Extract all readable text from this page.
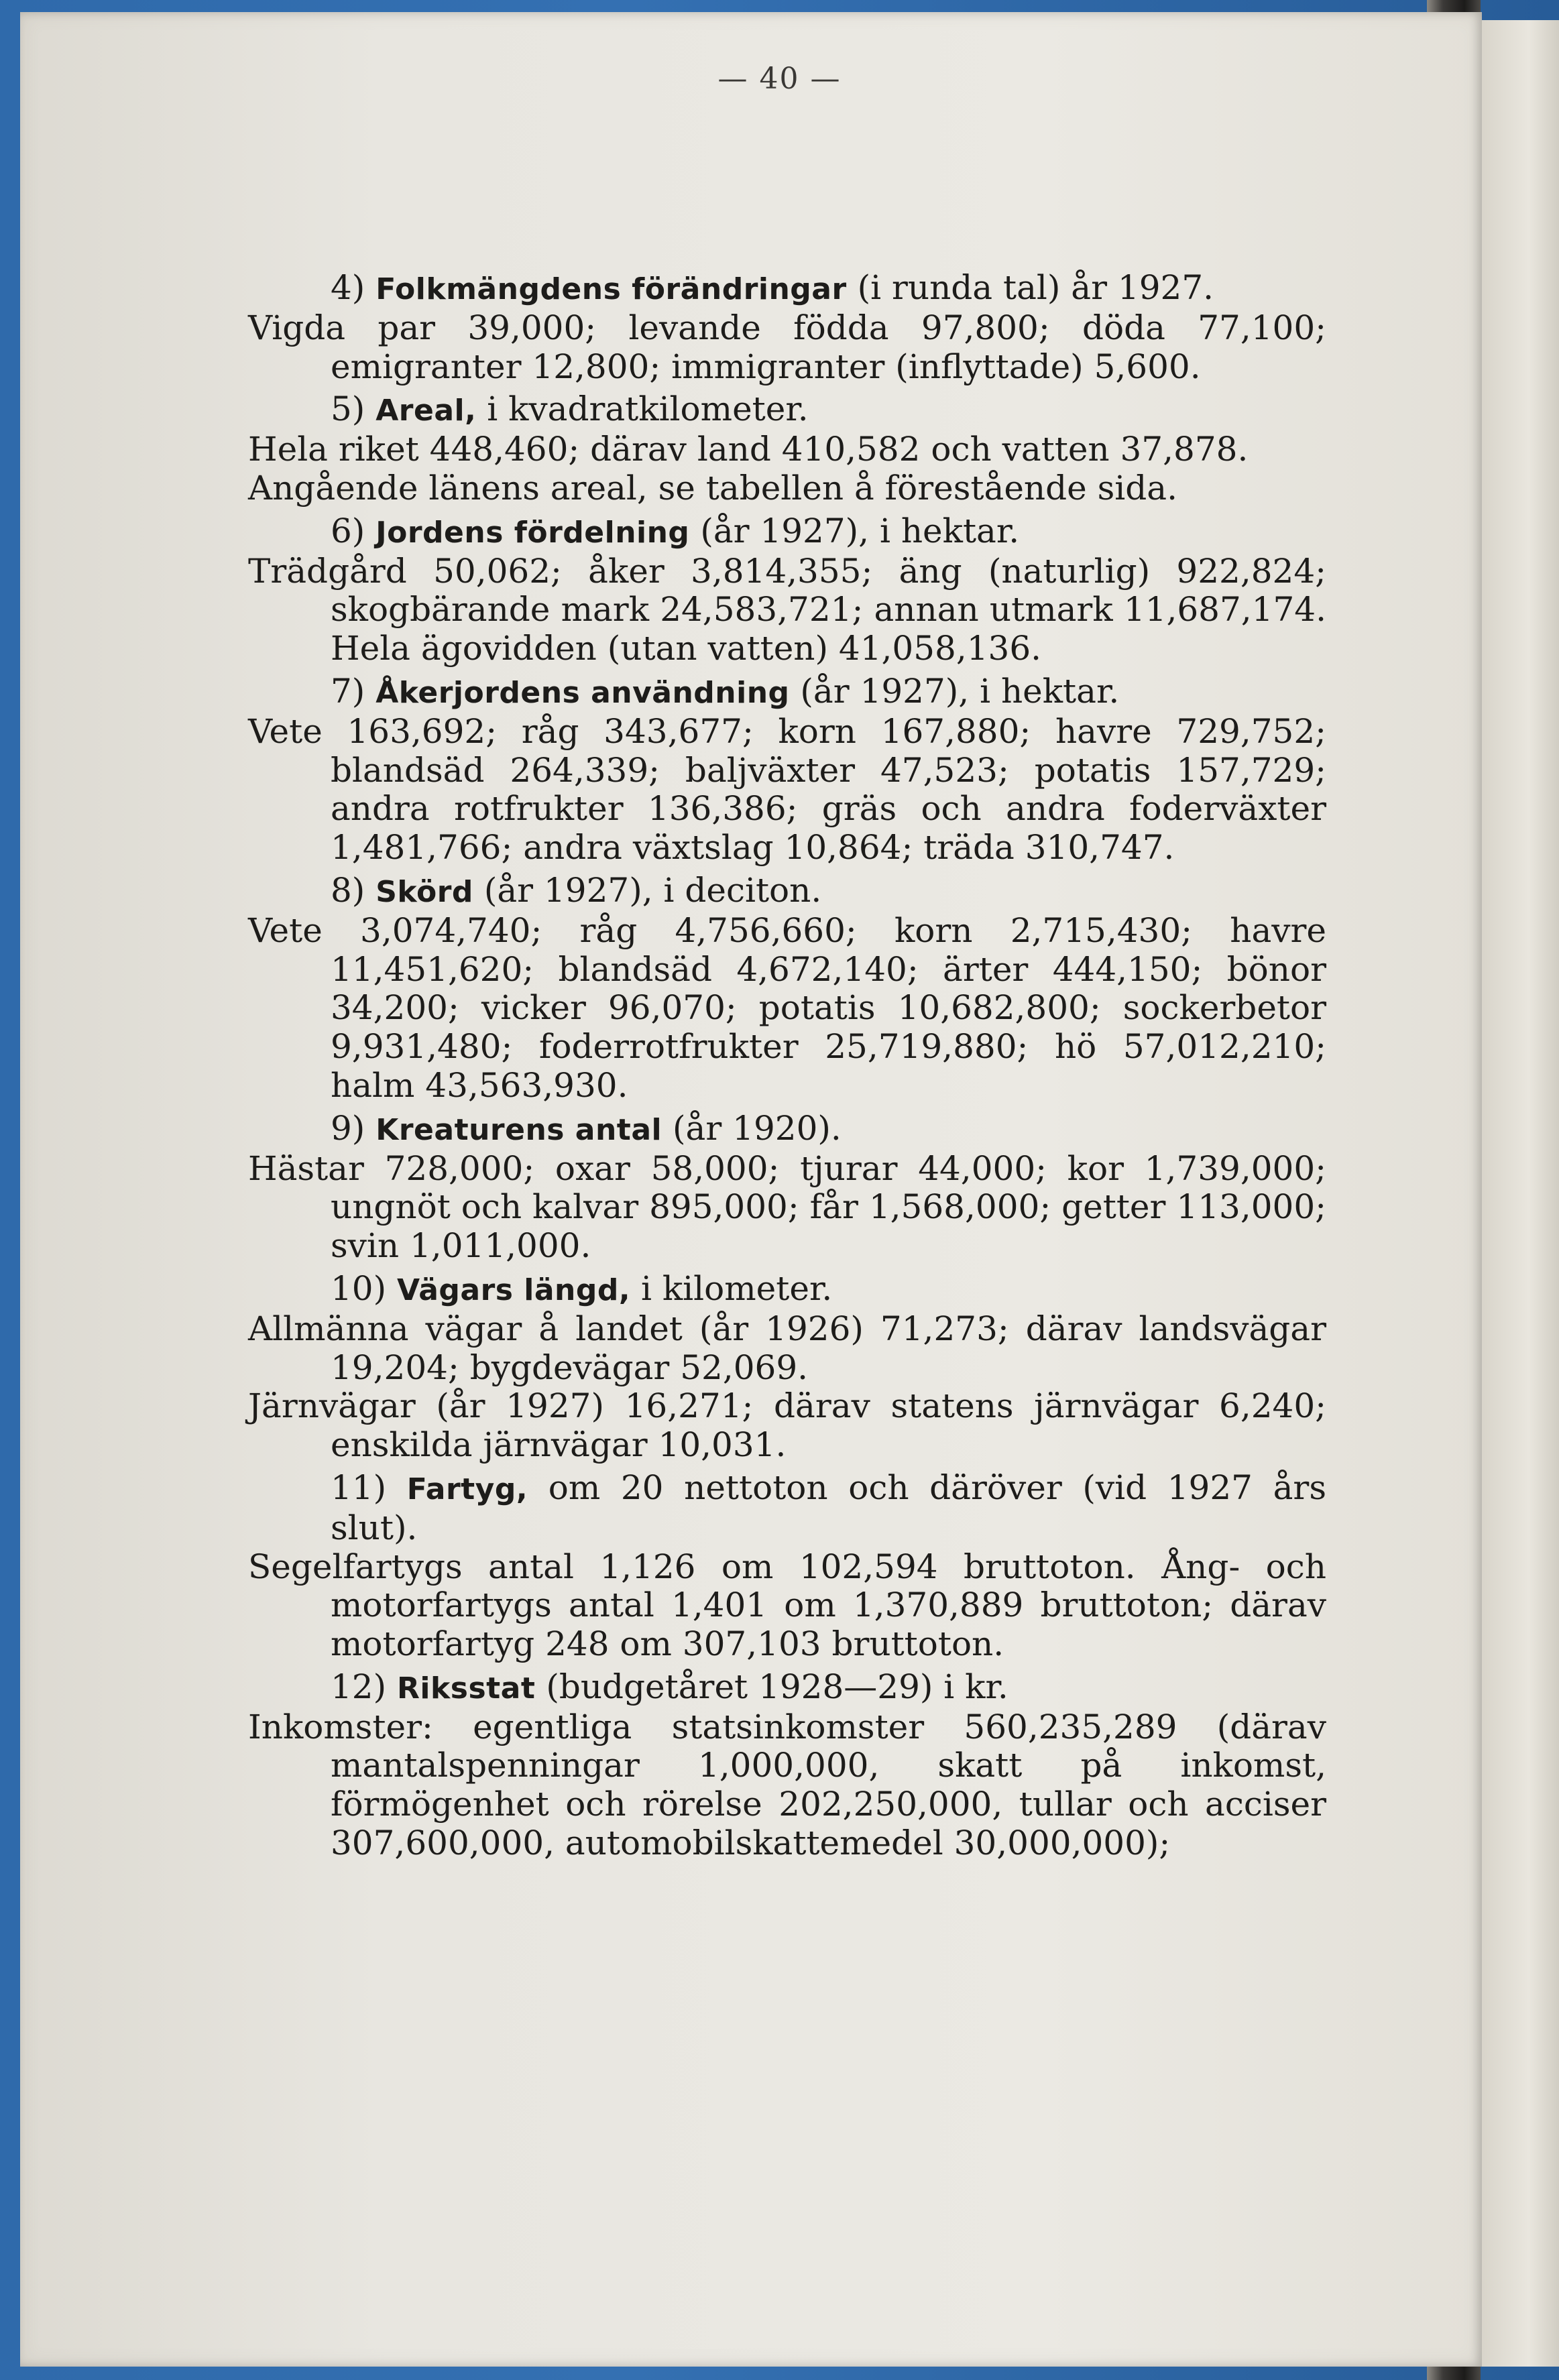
— 40 —

4) Folkmängdens förändringar (i runda tal) år 1927.

Vigda par 39,000; levande födda 97,800; döda 77,100; emigranter 12,800; immigranter (inflyttade) 5,600.

5) Areal, i kvadratkilometer.

Hela riket 448,460; därav land 410,582 och vatten 37,878.

Angående länens areal, se tabellen å förestående sida.

6) Jordens fördelning (år 1927), i hektar.

Trädgård 50,062; åker 3,814,355; äng (naturlig) 922,824; skogbärande mark 24,583,721; annan utmark 11,687,174. Hela ägovidden (utan vatten) 41,058,136.

7) Åkerjordens användning (år 1927), i hektar.

Vete 163,692; råg 343,677; korn 167,880; havre 729,752; blandsäd 264,339; baljväxter 47,523; potatis 157,729; andra rotfrukter 136,386; gräs och andra foderväxter 1,481,766; andra växtslag 10,864; träda 310,747.

8) Skörd (år 1927), i deciton.

Vete 3,074,740; råg 4,756,660; korn 2,715,430; havre 11,451,620; blandsäd 4,672,140; ärter 444,150; bönor 34,200; vicker 96,070; potatis 10,682,800; sockerbetor 9,931,480; foderrotfrukter 25,719,880; hö 57,012,210; halm 43,563,930.

9) Kreaturens antal (år 1920).

Hästar 728,000; oxar 58,000; tjurar 44,000; kor 1,739,000; ungnöt och kalvar 895,000; får 1,568,000; getter 113,000; svin 1,011,000.

10) Vägars längd, i kilometer.

Allmänna vägar å landet (år 1926) 71,273; därav landsvägar 19,204; bygdevägar 52,069.

Järnvägar (år 1927) 16,271; därav statens järnvägar 6,240; enskilda järnvägar 10,031.

11) Fartyg, om 20 nettoton och däröver (vid 1927 års slut).

Segelfartygs antal 1,126 om 102,594 bruttoton. Ång- och motorfartygs antal 1,401 om 1,370,889 bruttoton; därav motorfartyg 248 om 307,103 bruttoton.

12) Riksstat (budgetåret 1928—29) i kr.

Inkomster: egentliga statsinkomster 560,235,289 (därav mantalspenningar 1,000,000, skatt på inkomst, förmögenhet och rörelse 202,250,000, tullar och acciser 307,600,000, automobilskattemedel 30,000,000);
